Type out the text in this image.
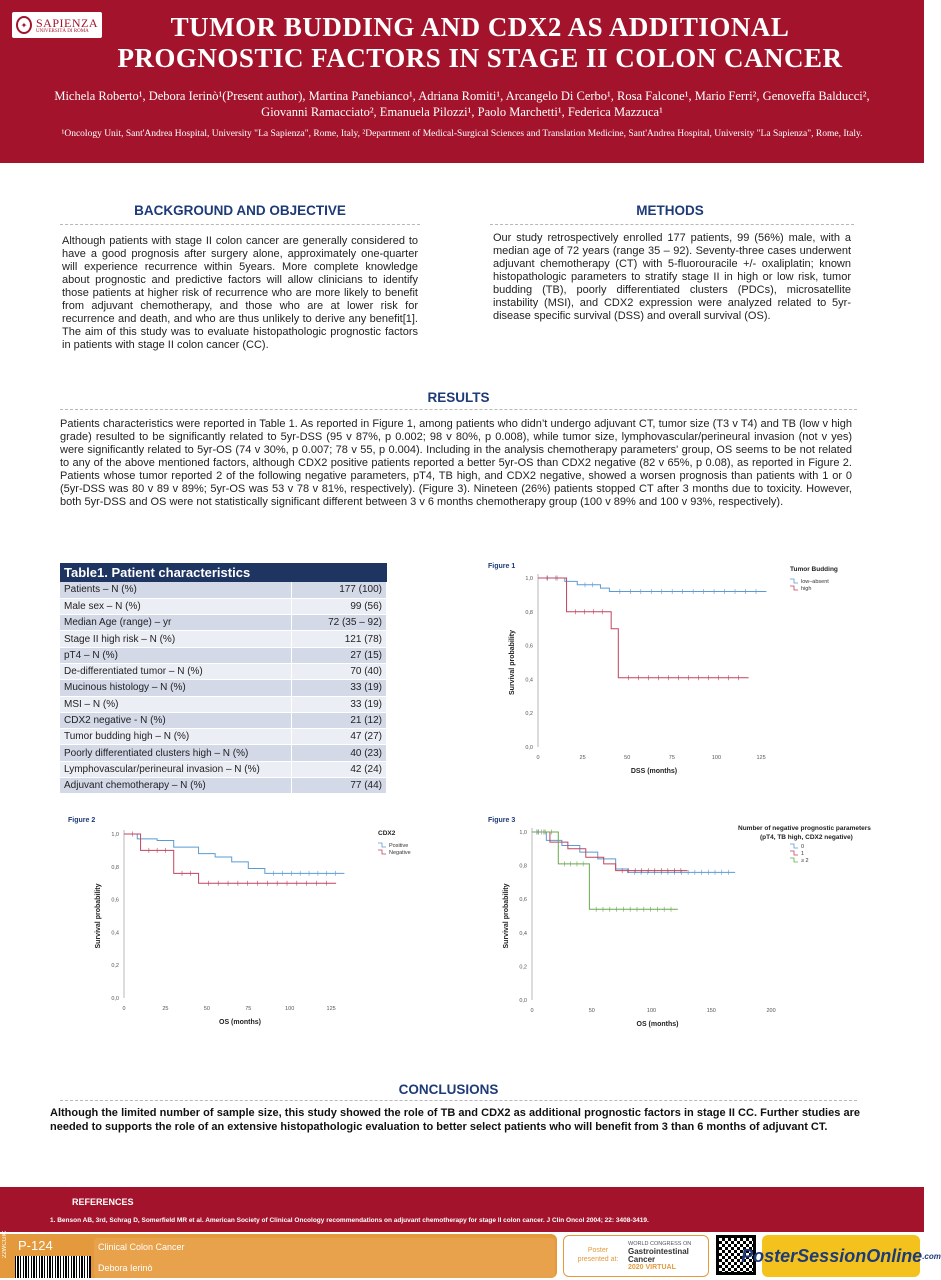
✦ SAPIENZA
UNIVERSITÀ DI ROMA	TUMOR BUDDING AND CDX2 AS ADDITIONAL
PROGNOSTIC FACTORS IN STAGE II COLON CANCER
Michela Roberto¹, Debora Ierinò¹(Present author), Martina Panebianco¹, Adriana Romiti¹, Arcangelo Di Cerbo¹, Rosa Falcone¹, Mario Ferri², Genoveffa Balducci²,
Giovanni Ramacciato², Emanuela Pilozzi¹, Paolo Marchetti¹, Federica Mazzuca¹
¹Oncology Unit, Sant'Andrea Hospital, University "La Sapienza", Rome, Italy, ²Department of Medical-Surgical Sciences and Translation Medicine, Sant'Andrea Hospital, University "La Sapienza", Rome, Italy.
BACKGROUND AND OBJECTIVE
Although patients with stage II colon cancer are generally considered to have a good prognosis after surgery alone, approximately one-quarter will experience recurrence within 5years. More complete knowledge about prognostic and predictive factors will allow clinicians to identify those patients at higher risk of recurrence who are more likely to benefit from adjuvant chemotherapy, and those who are at lower risk for recurrence and death, and who are thus unlikely to derive any benefit[1]. The aim of this study was to evaluate histopathologic prognostic factors in patients with stage II colon cancer (CC).
METHODS
Our study retrospectively enrolled 177 patients, 99 (56%) male, with a median age of 72 years (range 35 – 92). Seventy-three cases underwent adjuvant chemotherapy (CT) with 5-fluorouracile +/- oxaliplatin; known histopathologic parameters to stratify stage II in high or low risk, tumor budding (TB), poorly differentiated clusters (PDCs), microsatellite instability (MSI), and CDX2 expression were analyzed related to 5yr-disease specific survival (DSS) and overall survival (OS).
RESULTS
Patients characteristics were reported in Table 1. As reported in Figure 1, among patients who didn’t undergo adjuvant CT, tumor size (T3 v T4) and TB (low v high grade) resulted to be significantly related to 5yr-DSS (95 v 87%, p 0.002; 98 v 80%, p 0.008), while tumor size, lymphovascular/perineural invasion (not v yes) were significantly related to 5yr-OS (74 v 30%, p 0.007; 78 v 55, p 0.004). Including in the analysis chemotherapy parameters' group, OS seems to be not related to any of the above mentioned factors, although CDX2 positive patients reported a better 5yr-OS than CDX2 negative (82 v 65%, p 0.08), as reported in Figure 2. Patients whose tumor reported 2 of the following negative parameters, pT4, TB high, and CDX2 negative, showed a worsen prognosis than patients with 1 or 0 (5yr-DSS was 80 v 89 v 89%; 5yr-OS was 53 v 78 v 81%, respectively). (Figure 3). Nineteen (26%) patients stopped CT after 3 months due to toxicity. However, both 5yr-DSS and OS were not statistically significant different between 3 v 6 months chemotherapy group (100 v 89% and 100 v 93%, respectively).
Table1. Patient characteristics	
Patients – N (%)	177 (100)
Male sex – N (%)	99 (56)
Median Age (range) – yr	72 (35 – 92)
Stage II high risk – N (%)	121 (78)
pT4 – N (%)	27 (15)
De-differentiated tumor – N (%)	70 (40)
Mucinous histology – N (%)	33 (19)
MSI – N (%)	33 (19)
CDX2 negative - N (%)	21 (12)
Tumor budding high – N (%)	47 (27)
Poorly differentiated clusters high – N (%)	40 (23)
Lymphovascular/perineural invasion – N (%)	42 (24)
Adjuvant chemotherapy – N (%)	77 (44)
Figure 1
0,0
0,2
0,4
0,6
0,8
1,0
0	25	50	75	100	125
DSS (months)
Survival probability
Tumor Budding
low–absent
high
Figure 2
0,0
0,2
0,4
0,6
0,8
1,0
0	25	50	75	100	125
OS (months)
Survival probability
CDX2
Positive
Negative
Figure 3
0,0
0,2
0,4
0,6
0,8
1,0
0	50	100	150	200
OS (months)
Survival probability
Number of negative prognostic parameters
(pT4, TB high, CDX2 negative)
0
1
≥ 2
CONCLUSIONS
Although the limited number of sample size, this study showed the role of TB and CDX2 as additional prognostic factors in stage II CC. Further studies are needed to supports the role of an extensive histopathologic evaluation to better select patients who will benefit from 3 than 6 months of adjuvant CT.
REFERENCES
1. Benson AB, 3rd, Schrag D, Somerfield MR et al. American Society of Clinical Oncology recommendations on adjuvant chemotherapy for stage II colon cancer. J Clin Oncol 2004; 22: 3408-3419.
22WCGIC P-124	Clinical Colon Cancer
Debora Ierinò
Poster
presented at:
WORLD CONGRESS ON
Gastrointestinal
Cancer
2020 VIRTUAL
PosterSessionOnline .com
